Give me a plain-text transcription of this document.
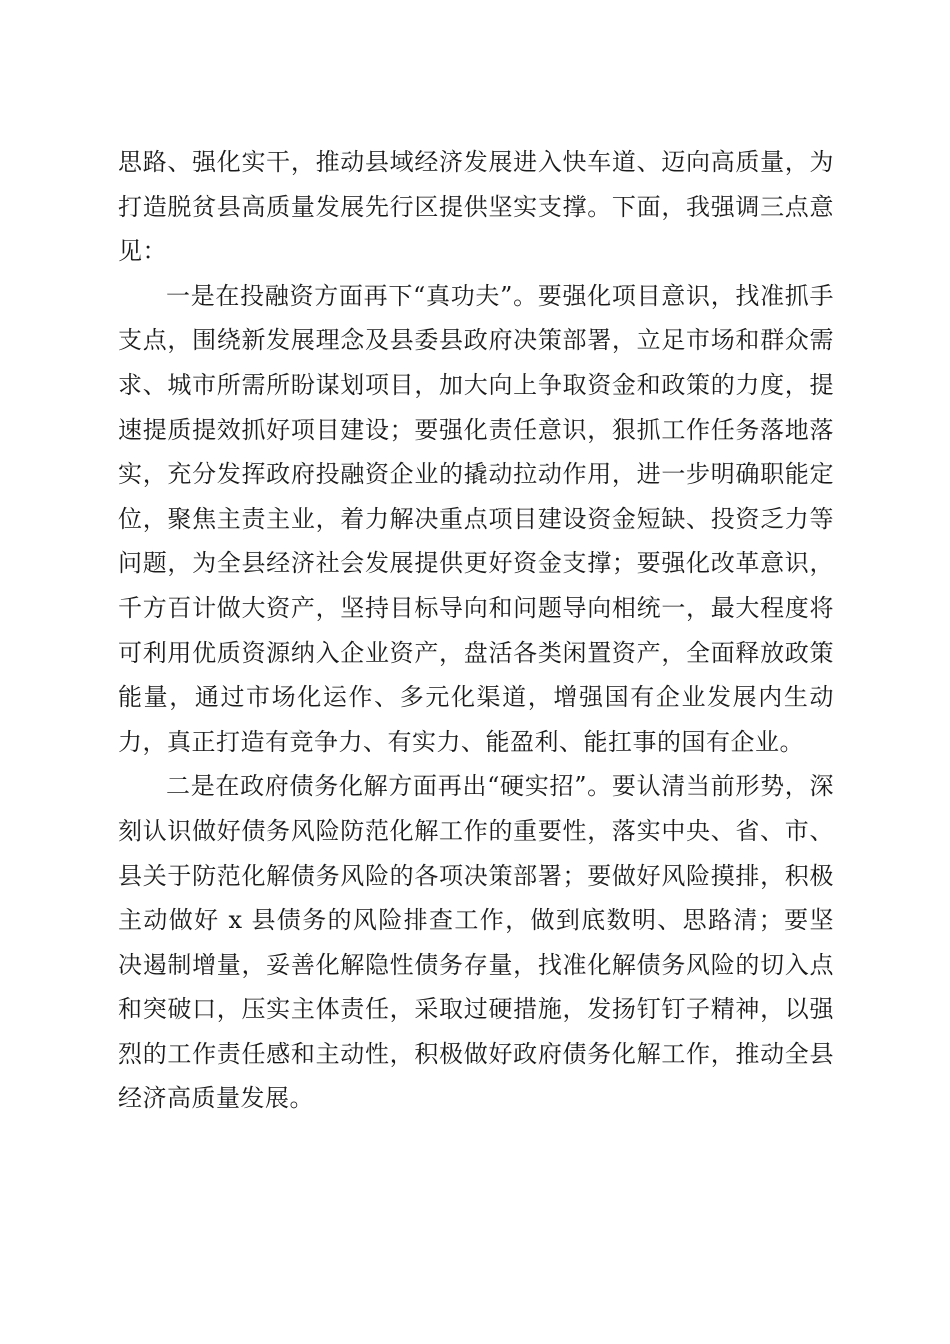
思路、强化实干，推动县域经济发展进入快车道、迈向高质量，为打造脱贫县高质量发展先行区提供坚实支撑。下面，我强调三点意见：

一是在投融资方面再下“真功夫”。要强化项目意识，找准抓手支点，围绕新发展理念及县委县政府决策部署，立足市场和群众需求、城市所需所盼谋划项目，加大向上争取资金和政策的力度，提速提质提效抓好项目建设；要强化责任意识，狠抓工作任务落地落实，充分发挥政府投融资企业的撬动拉动作用，进一步明确职能定位，聚焦主责主业，着力解决重点项目建设资金短缺、投资乏力等问题，为全县经济社会发展提供更好资金支撑；要强化改革意识，千方百计做大资产，坚持目标导向和问题导向相统一，最大程度将可利用优质资源纳入企业资产，盘活各类闲置资产，全面释放政策能量，通过市场化运作、多元化渠道，增强国有企业发展内生动力，真正打造有竞争力、有实力、能盈利、能扛事的国有企业。

二是在政府债务化解方面再出“硬实招”。要认清当前形势，深刻认识做好债务风险防范化解工作的重要性，落实中央、省、市、县关于防范化解债务风险的各项决策部署；要做好风险摸排，积极主动做好 x 县债务的风险排查工作，做到底数明、思路清；要坚决遏制增量，妥善化解隐性债务存量，找准化解债务风险的切入点和突破口，压实主体责任，采取过硬措施，发扬钉钉子精神，以强烈的工作责任感和主动性，积极做好政府债务化解工作，推动全县经济高质量发展。
